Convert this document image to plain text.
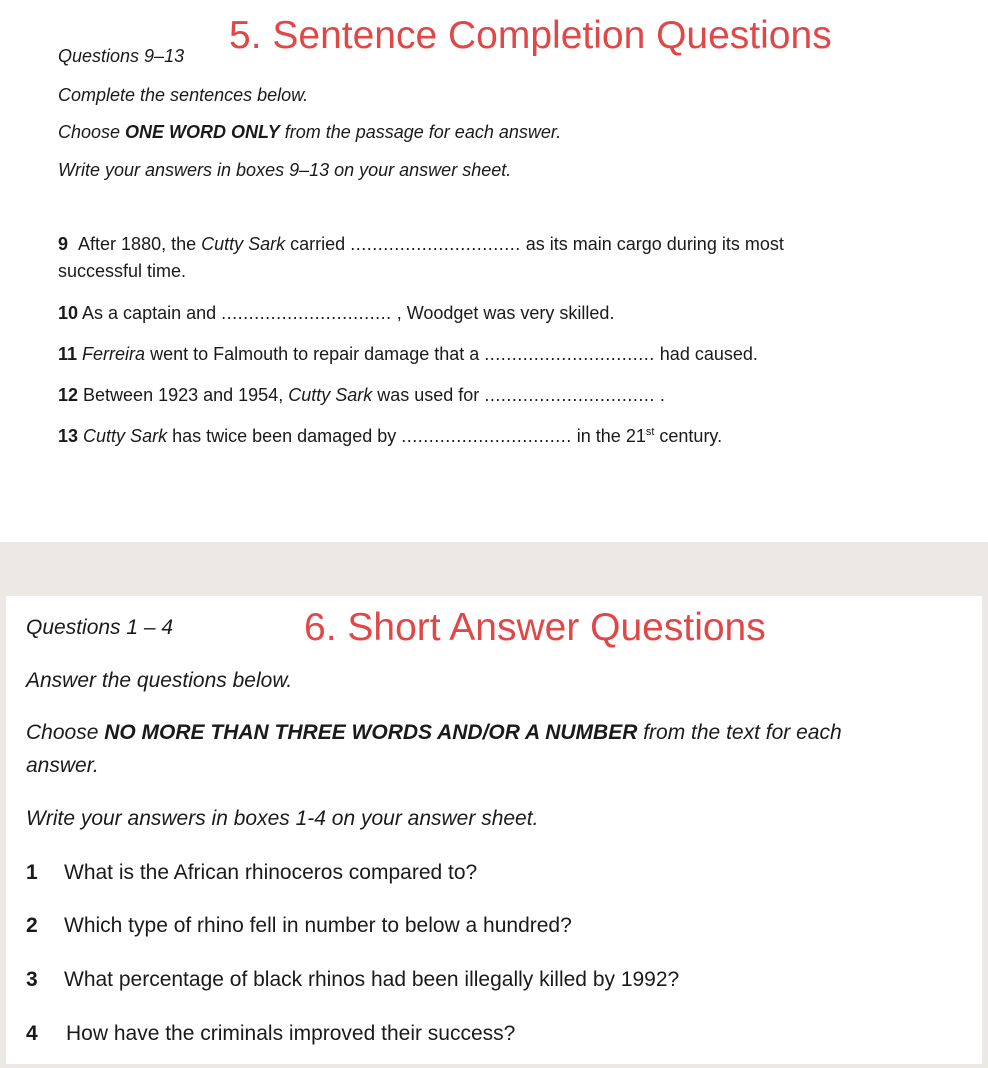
5. Sentence Completion Questions
Questions 9–13
Complete the sentences below.
Choose ONE WORD ONLY from the passage for each answer.
Write your answers in boxes 9–13 on your answer sheet.
9 After 1880, the Cutty Sark carried ............................... as its main cargo during its most
successful time.
10 As a captain and ............................... , Woodget was very skilled.
11 Ferreira went to Falmouth to repair damage that a ............................... had caused.
12 Between 1923 and 1954, Cutty Sark was used for ............................... .
13 Cutty Sark has twice been damaged by ............................... in the 21st century.
Questions 1 – 4	6. Short Answer Questions
Answer the questions below.
Choose NO MORE THAN THREE WORDS AND/OR A NUMBER from the text for each
answer.
Write your answers in boxes 1-4 on your answer sheet.
1 What is the African rhinoceros compared to?
2 Which type of rhino fell in number to below a hundred?
3 What percentage of black rhinos had been illegally killed by 1992?
4 How have the criminals improved their success?
